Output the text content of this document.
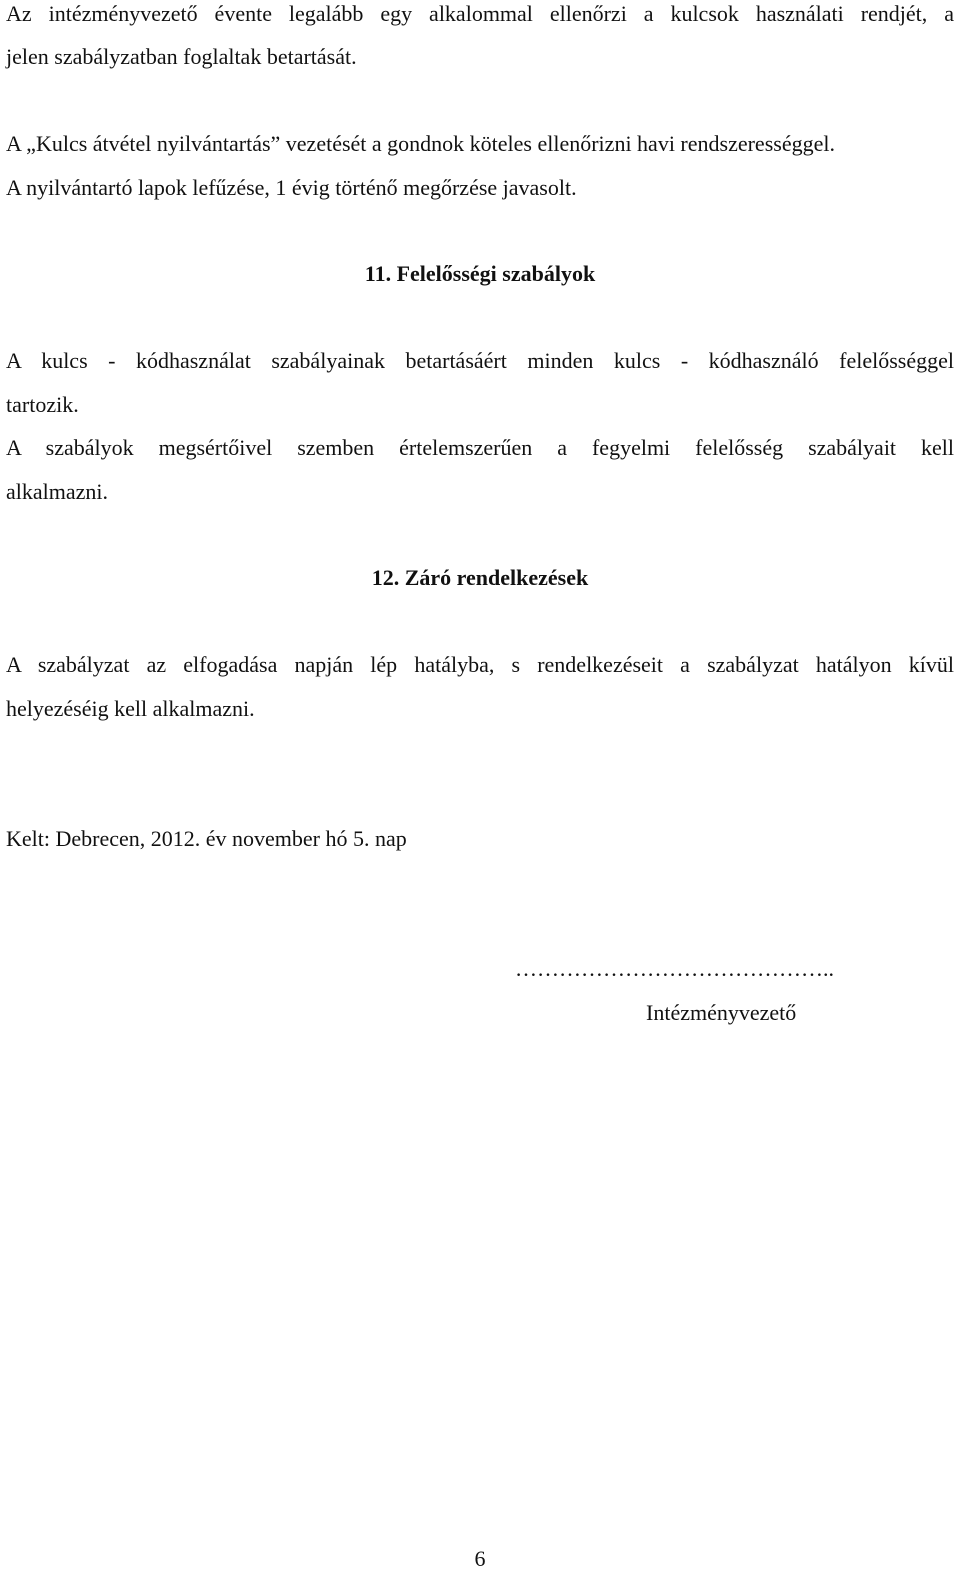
Az intézményvezető évente legalább egy alkalommal ellenőrzi a kulcsok használati rendjét, a
jelen szabályzatban foglaltak betartását.
A „Kulcs átvétel nyilvántartás” vezetését a gondnok köteles ellenőrizni havi rendszerességgel.
A nyilvántartó lapok lefűzése, 1 évig történő megőrzése javasolt.
11. Felelősségi szabályok
A kulcs - kódhasználat szabályainak betartásáért minden kulcs - kódhasználó felelősséggel
tartozik.
A szabályok megsértőivel szemben értelemszerűen a fegyelmi felelősség szabályait kell
alkalmazni.
12. Záró rendelkezések
A szabályzat az elfogadása napján lép hatályba, s rendelkezéseit a szabályzat hatályon kívül
helyezéséig kell alkalmazni.
Kelt: Debrecen, 2012. év november hó 5. nap
……………………………………..
Intézményvezető
6
